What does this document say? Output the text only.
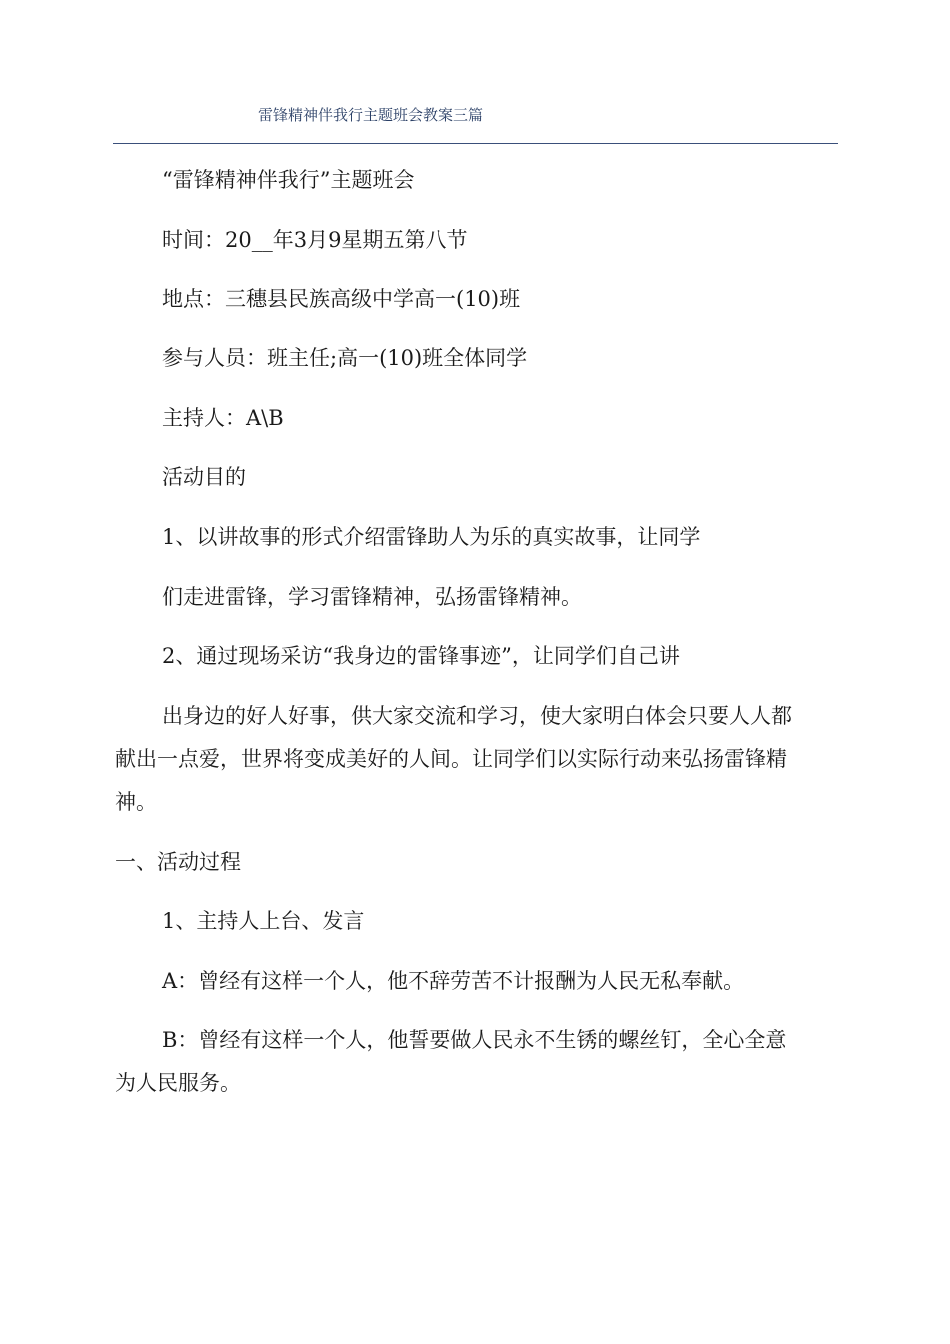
雷锋精神伴我行主题班会教案三篇
“雷锋精神伴我行”主题班会
时间：20__年3月9星期五第八节
地点：三穗县民族高级中学高一(10)班
参与人员：班主任;高一(10)班全体同学
主持人：A\B
活动目的
1、以讲故事的形式介绍雷锋助人为乐的真实故事，让同学
们走进雷锋，学习雷锋精神，弘扬雷锋精神。
2、通过现场采访“我身边的雷锋事迹”，让同学们自己讲
出身边的好人好事，供大家交流和学习，使大家明白体会只要人人都
献出一点爱，世界将变成美好的人间。让同学们以实际行动来弘扬雷锋精
神。
一、活动过程
1、主持人上台、发言
A：曾经有这样一个人，他不辞劳苦不计报酬为人民无私奉献。
B：曾经有这样一个人，他誓要做人民永不生锈的螺丝钉，全心全意
为人民服务。
